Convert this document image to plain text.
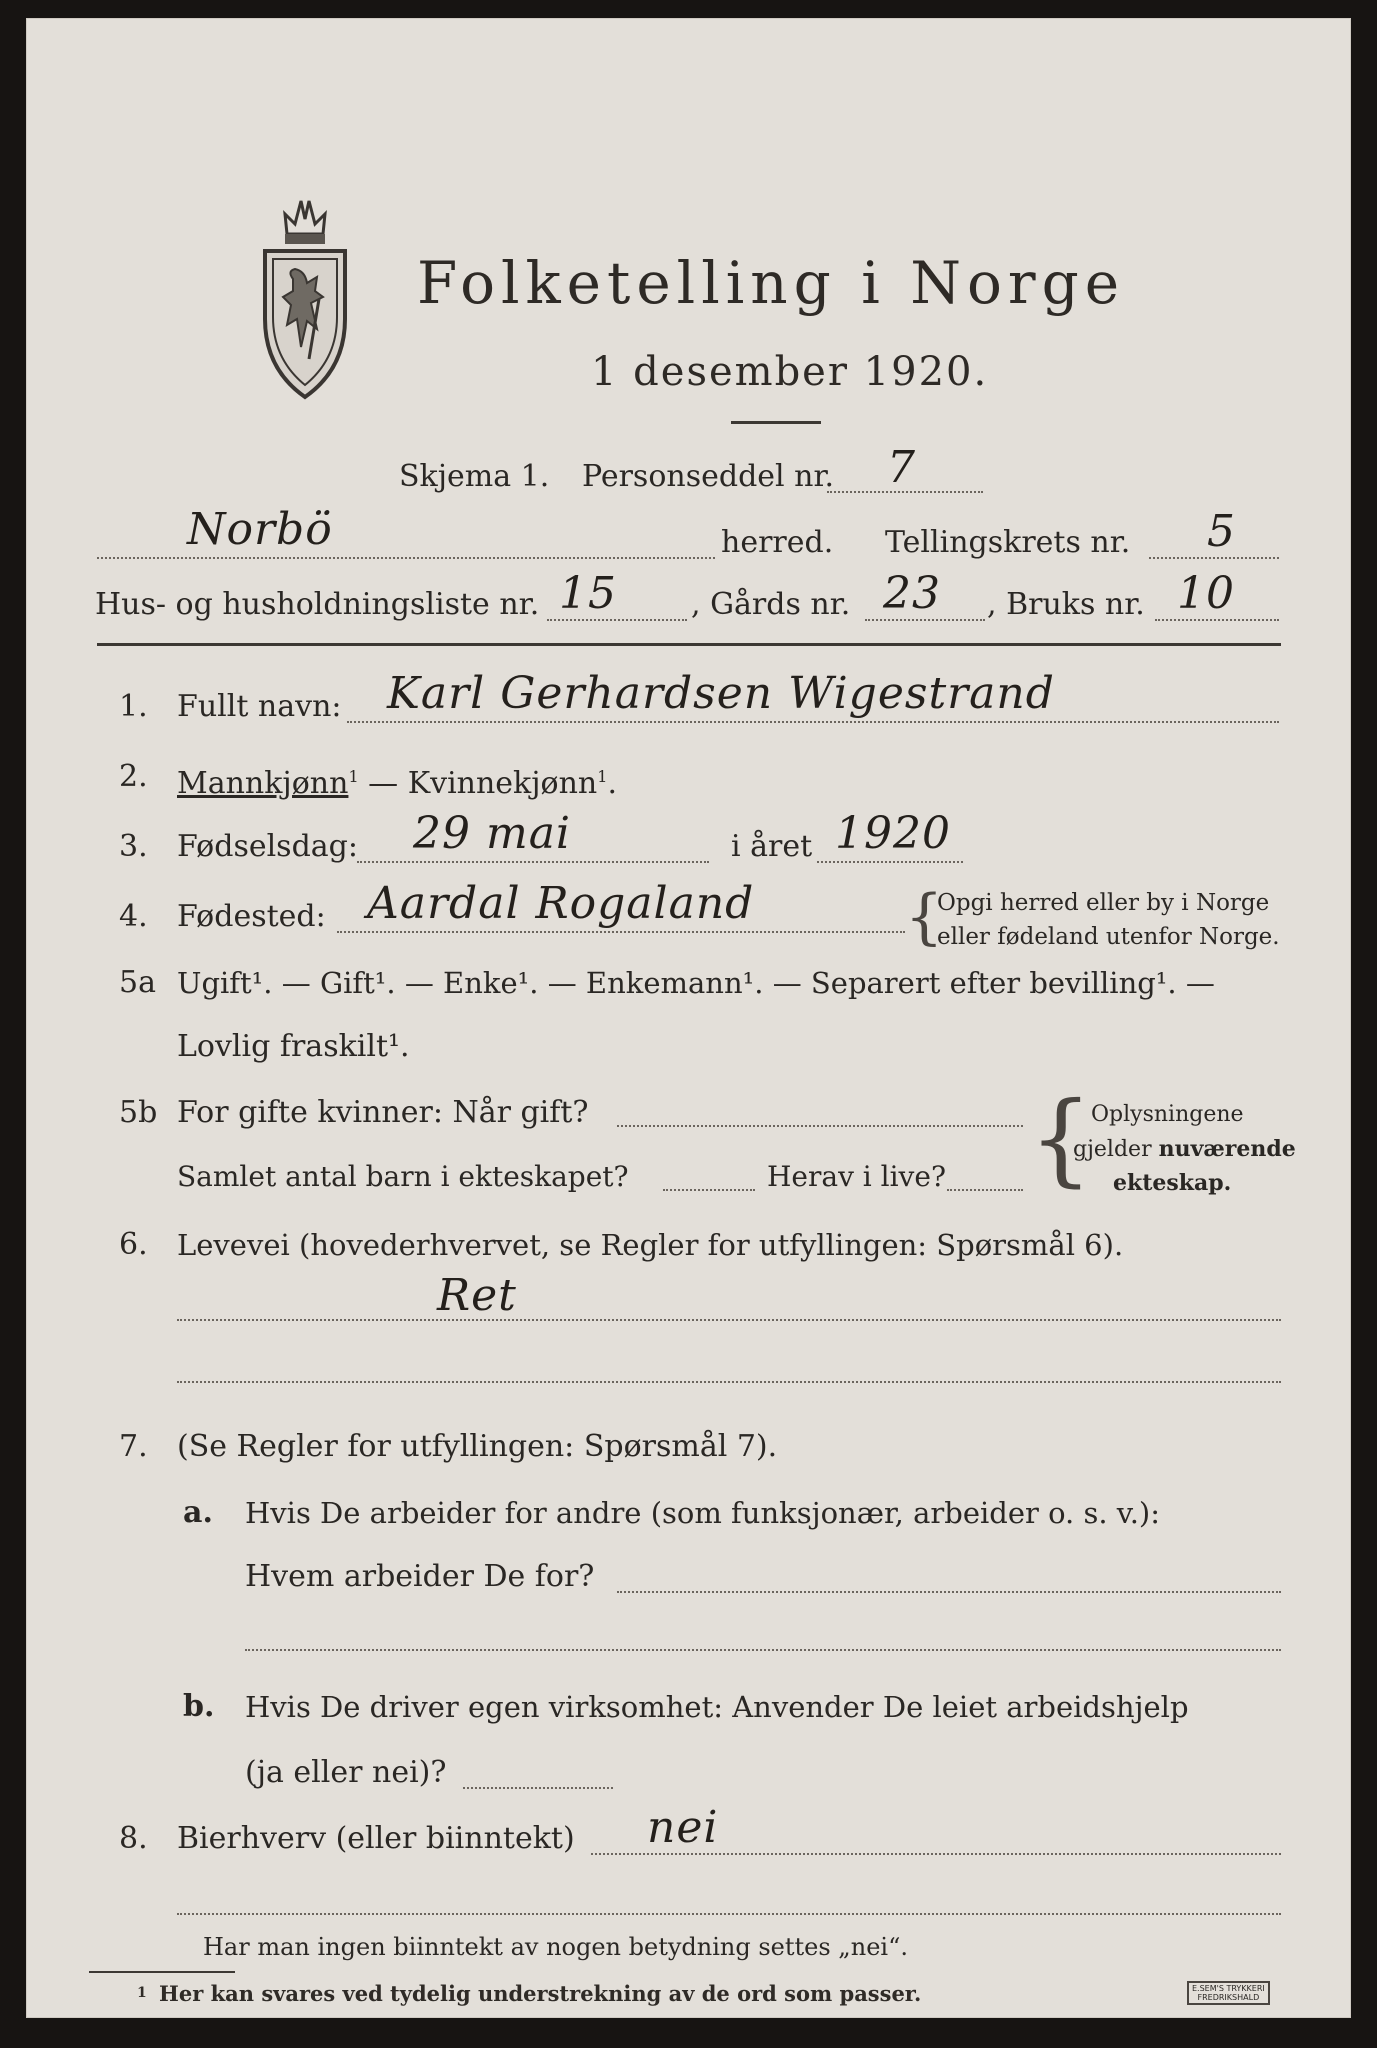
Folketelling i Norge
1 desember 1920.
Skjema 1. Personseddel nr. 7
Norbö	herred. Tellingskrets nr. 5
Hus- og husholdningsliste nr. 15 , Gårds nr. 23 , Bruks nr. 10
1. Fullt navn: Karl Gerhardsen Wigestrand
2. Mannkjønn$^1$ — Kvinnekjønn$^1$.
3. Fødselsdag: 29 mai	i året 1920
4. Fødested: Aardal Rogaland	{
Opgi herred eller by i Norge
eller fødeland utenfor Norge.
5a Ugift¹. — Gift¹. — Enke¹. — Enkemann¹. — Separert efter bevilling¹. —
Lovlig fraskilt¹.
5b For gifte kvinner: Når gift?
Samlet antal barn i ekteskapet?	Herav i live? {
Oplysningene
gjelder nuværende
ekteskap.
6. Levevei (hovederhvervet, se Regler for utfyllingen: Spørsmål 6).
Ret
7. (Se Regler for utfyllingen: Spørsmål 7).
a. Hvis De arbeider for andre (som funksjonær, arbeider o. s. v.):
Hvem arbeider De for?
b. Hvis De driver egen virksomhet: Anvender De leiet arbeidshjelp
(ja eller nei)?
8. Bierhverv (eller biinntekt) nei
Har man ingen biinntekt av nogen betydning settes „nei“.
1 Her kan svares ved tydelig understrekning av de ord som passer.	E.SEM'S TRYKKERI
FREDRIKSHALD
